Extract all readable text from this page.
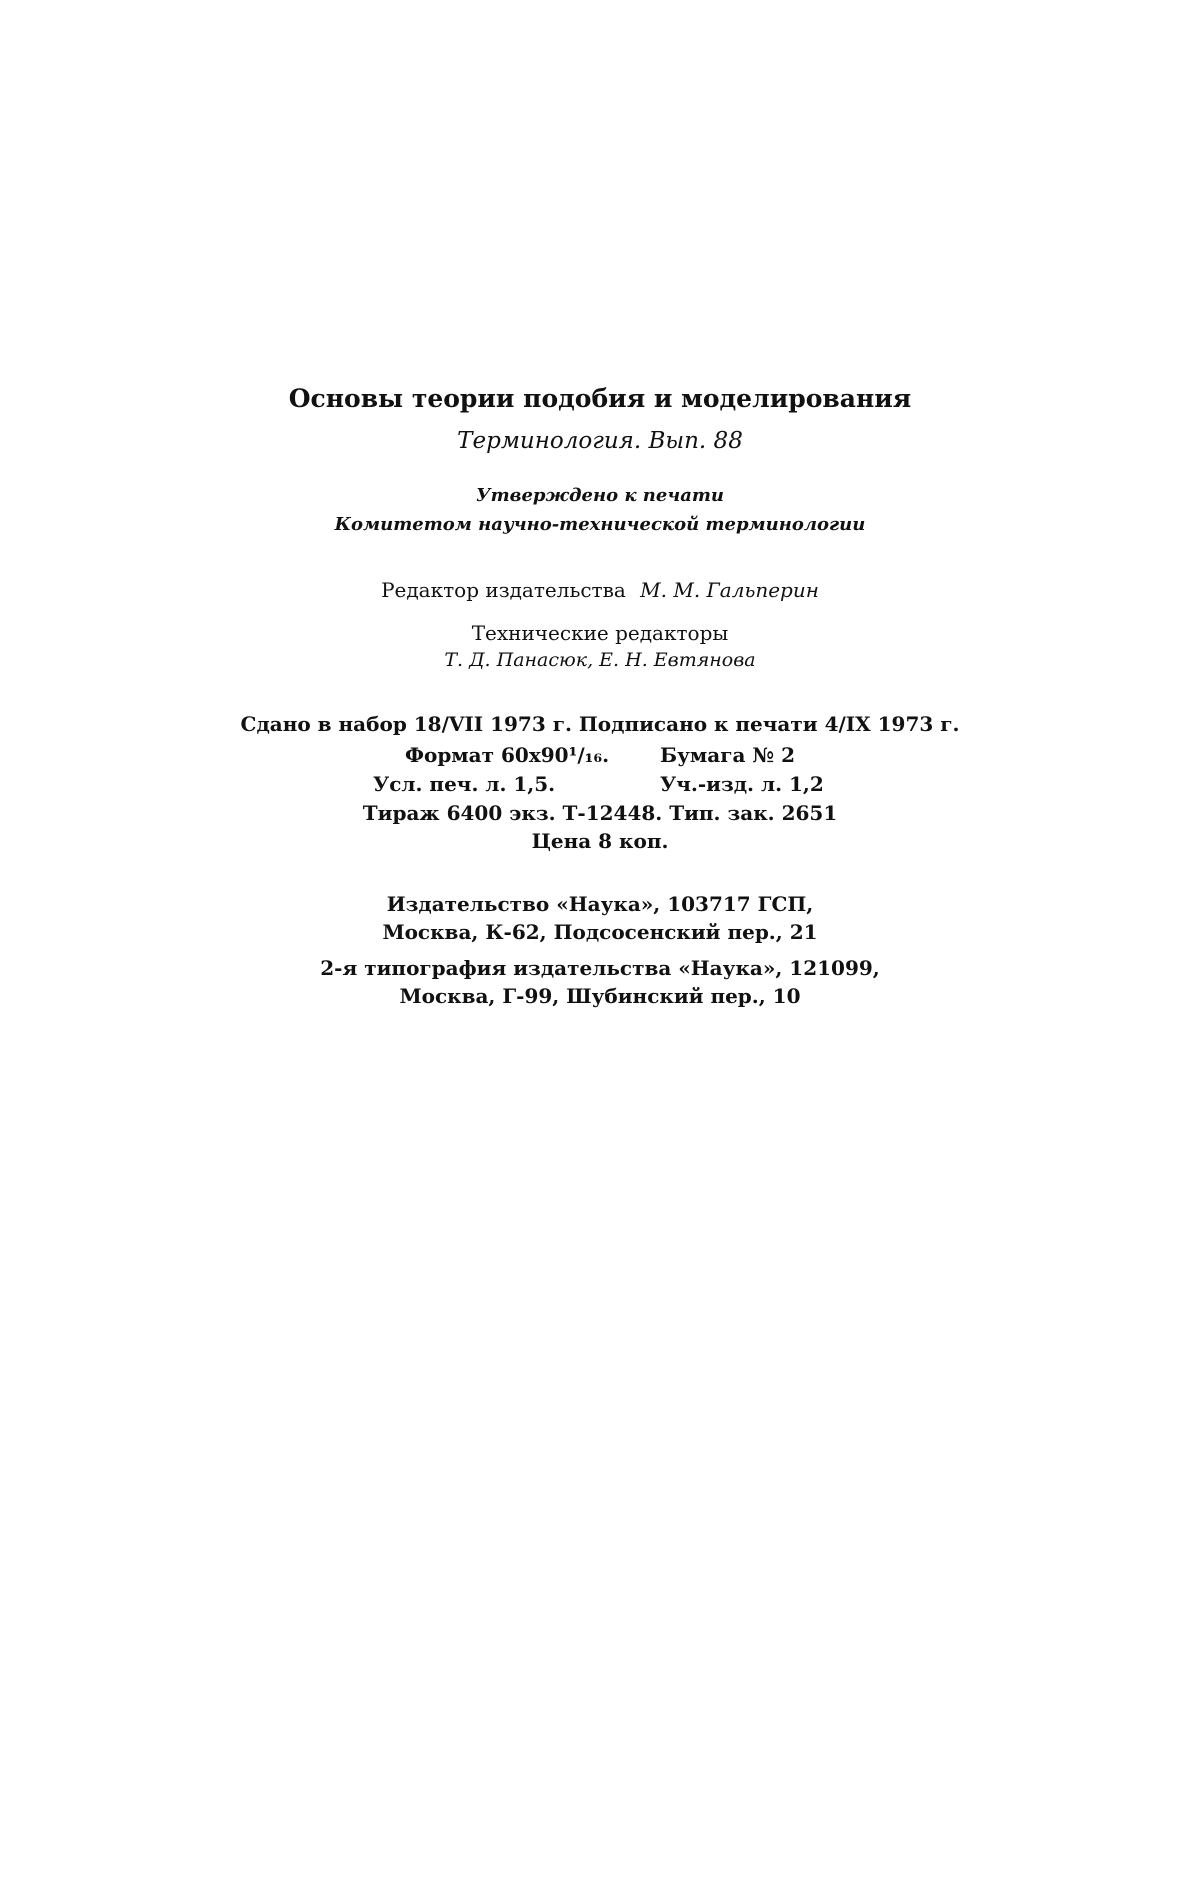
Основы теории подобия и моделирования
Терминология. Вып. 88
Утверждено к печати
Комитетом научно-технической терминологии
Редактор издательства М. М. Гальперин
Технические редакторы
Т. Д. Панасюк, Е. Н. Евтянова
Сдано в набор 18/VII 1973 г. Подписано к печати 4/IX 1973 г.
Формат 60x90¹/₁₆.	Бумага № 2
Усл. печ. л. 1,5.	Уч.-изд. л. 1,2
Тираж 6400 экз. Т-12448. Тип. зак. 2651
Цена 8 коп.
Издательство «Наука», 103717 ГСП,
Москва, К-62, Подсосенский пер., 21
2-я типография издательства «Наука», 121099,
Москва, Г-99, Шубинский пер., 10
